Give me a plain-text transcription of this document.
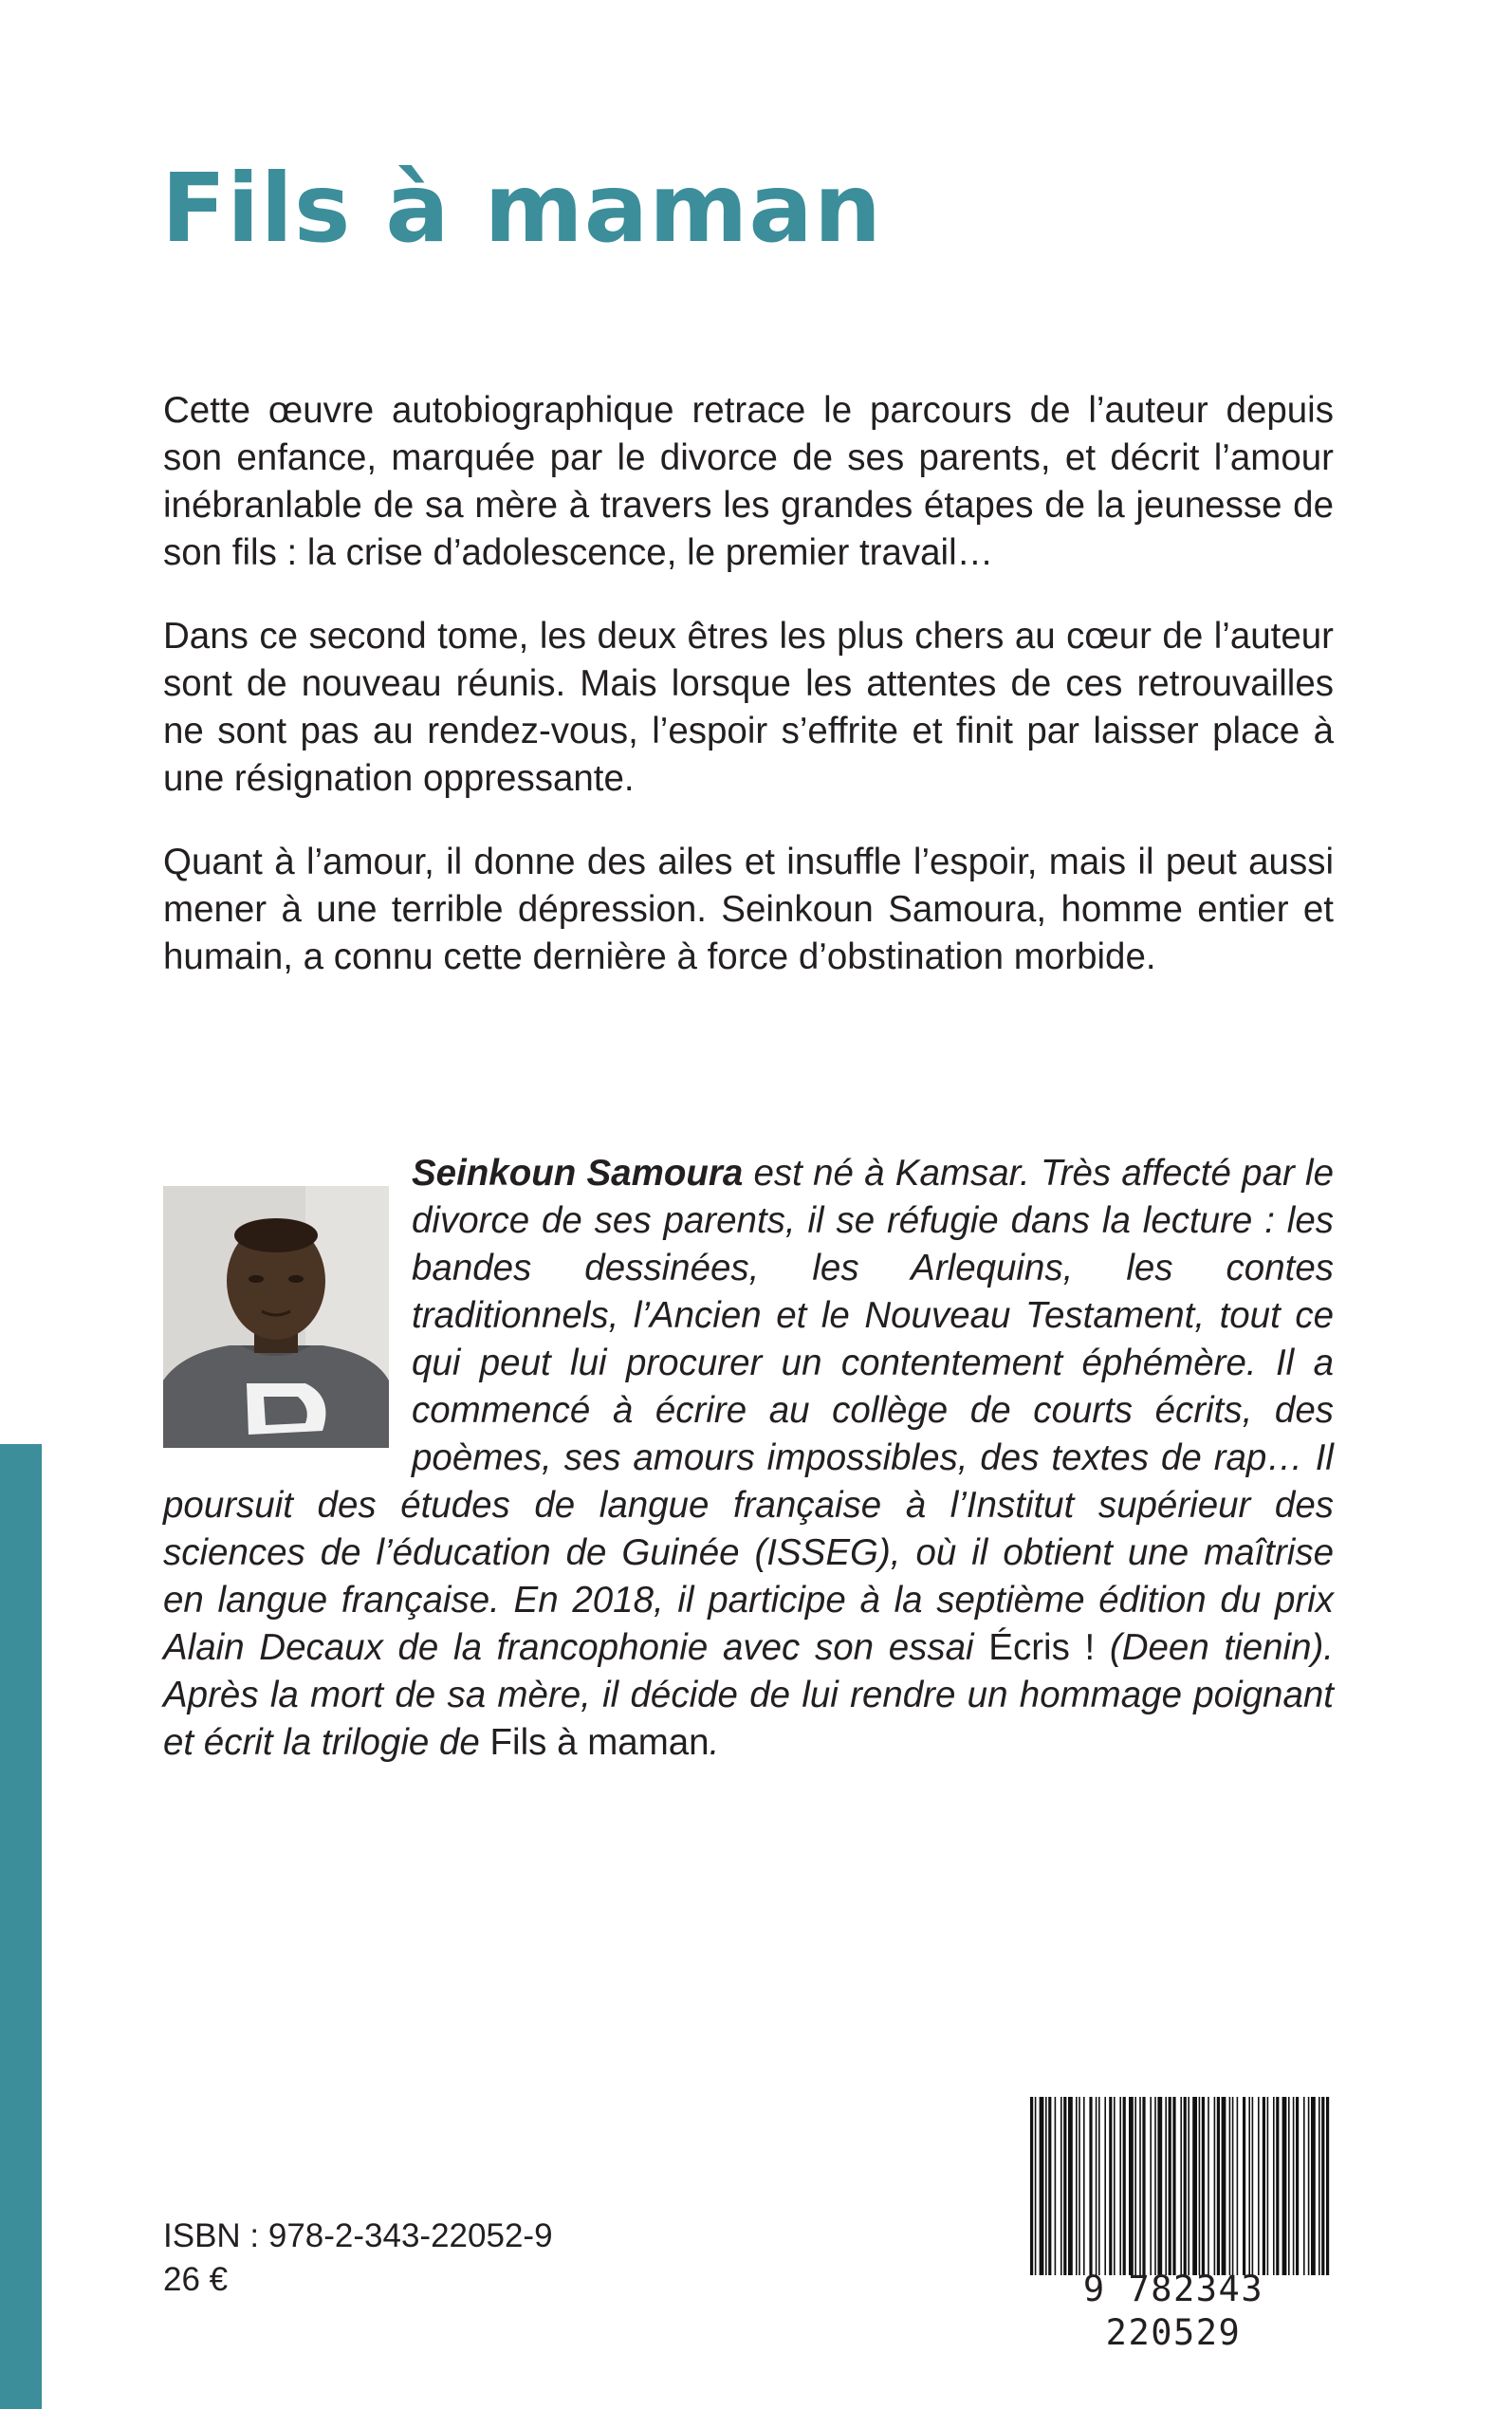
Fils à maman

Cette œuvre autobiographique retrace le parcours de l’auteur depuis son enfance, marquée par le divorce de ses parents, et décrit l’amour inébranlable de sa mère à travers les grandes étapes de la jeunesse de son fils : la crise d’adolescence, le premier travail…

Dans ce second tome, les deux êtres les plus chers au cœur de l’auteur sont de nouveau réunis. Mais lorsque les attentes de ces retrouvailles ne sont pas au rendez-vous, l’espoir s’effrite et finit par laisser place à une résignation oppressante.

Quant à l’amour, il donne des ailes et insuffle l’espoir, mais il peut aussi mener à une terrible dépression. Seinkoun Samoura, homme entier et humain, a connu cette dernière à force d’obstination morbide.

Seinkoun Samoura est né à Kamsar. Très affecté par le divorce de ses parents, il se réfugie dans la lecture : les bandes dessinées, les Arlequins, les contes traditionnels, l’Ancien et le Nouveau Testament, tout ce qui peut lui procurer un contentement éphémère. Il a commencé à écrire au collège de courts écrits, des poèmes, ses amours impossibles, des textes de rap… Il poursuit des études de langue française à l’Institut supérieur des sciences de l’éducation de Guinée (ISSEG), où il obtient une maîtrise en langue française. En 2018, il participe à la septième édition du prix Alain Decaux de la francophonie avec son essai Écris ! (Deen tienin). Après la mort de sa mère, il décide de lui rendre un hommage poignant et écrit la trilogie de Fils à maman.
ISBN : 978-2-343-22052-9
26 €	9 782343 220529
